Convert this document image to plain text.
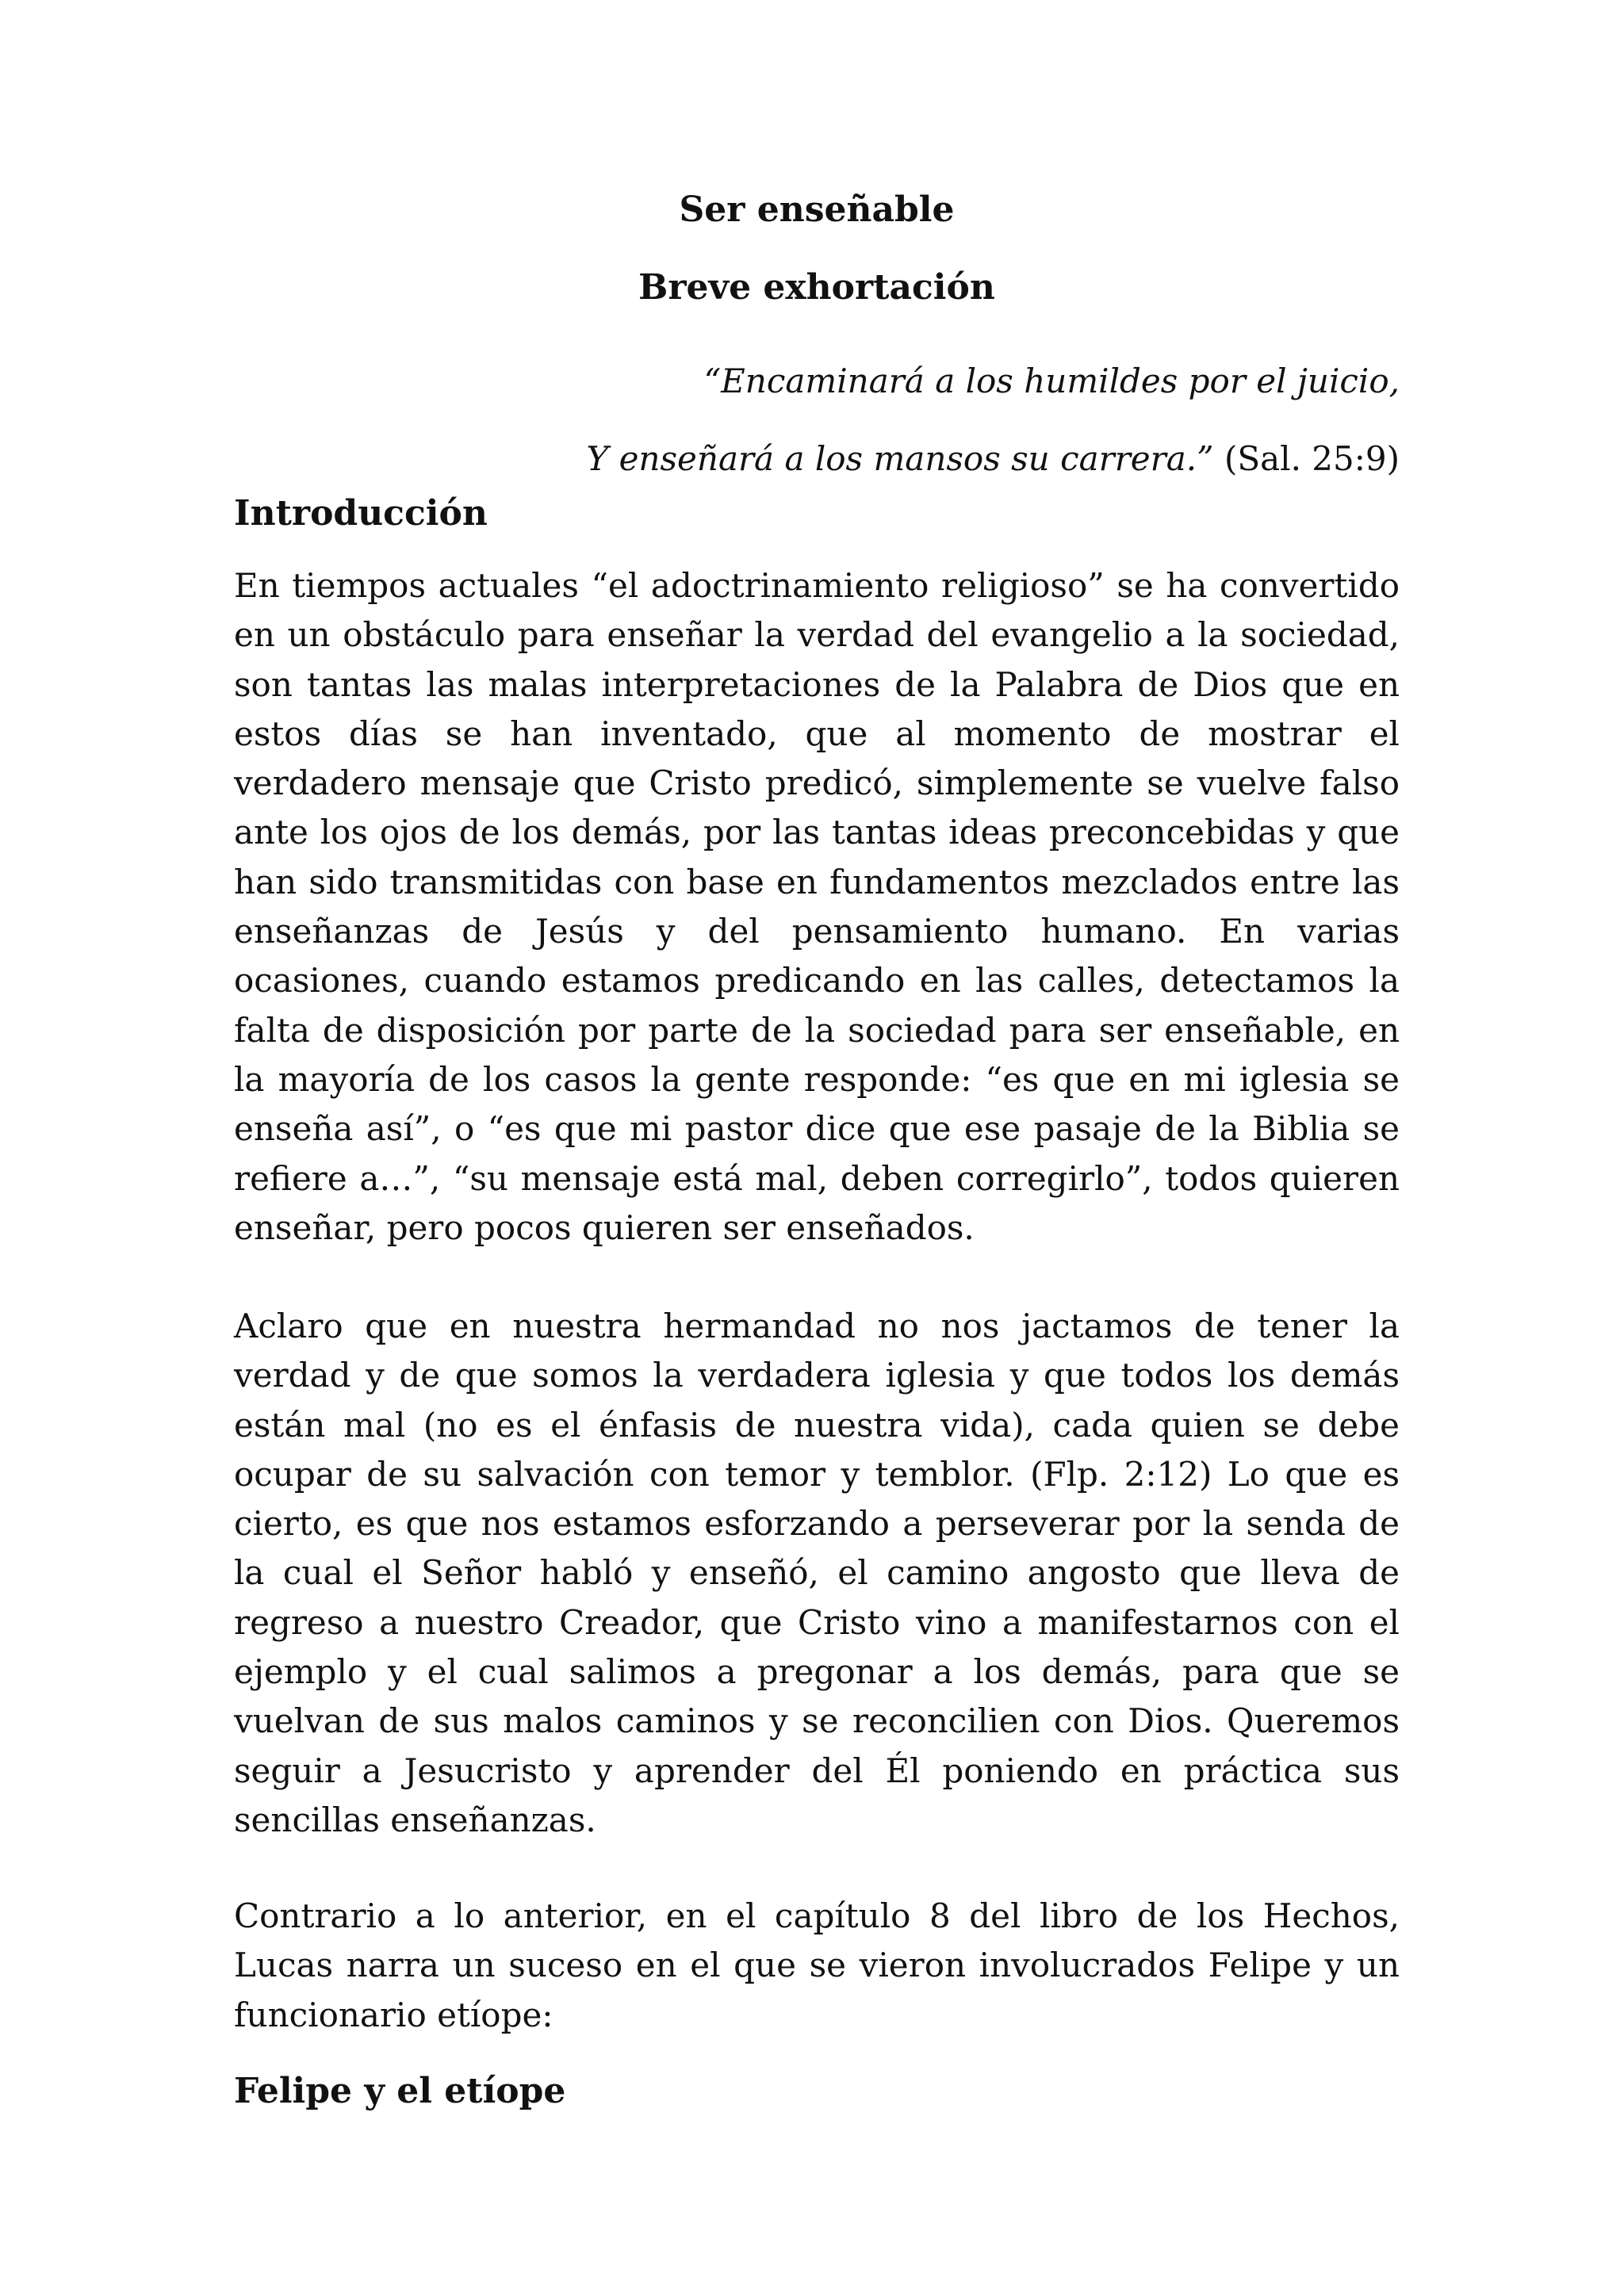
Ser enseñable
Breve exhortación
“Encaminará a los humildes por el juicio,
Y enseñará a los mansos su carrera.” (Sal. 25:9)
Introducción

En tiempos actuales “el adoctrinamiento religioso” se ha convertido en un obstáculo para enseñar la verdad del evangelio a la sociedad, son tantas las malas interpretaciones de la Palabra de Dios que en estos días se han inventado, que al momento de mostrar el verdadero mensaje que Cristo predicó, simplemente se vuelve falso ante los ojos de los demás, por las tantas ideas preconcebidas y que han sido transmitidas con base en fundamentos mezclados entre las enseñanzas de Jesús y del pensamiento humano. En varias ocasiones, cuando estamos predicando en las calles, detectamos la falta de disposición por parte de la sociedad para ser enseñable, en la mayoría de los casos la gente responde: “es que en mi iglesia se enseña así”, o “es que mi pastor dice que ese pasaje de la Biblia se refiere a…”, “su mensaje está mal, deben corregirlo”, todos quieren enseñar, pero pocos quieren ser enseñados.

Aclaro que en nuestra hermandad no nos jactamos de tener la verdad y de que somos la verdadera iglesia y que todos los demás están mal (no es el énfasis de nuestra vida), cada quien se debe ocupar de su salvación con temor y temblor. (Flp. 2:12) Lo que es cierto, es que nos estamos esforzando a perseverar por la senda de la cual el Señor habló y enseñó, el camino angosto que lleva de regreso a nuestro Creador, que Cristo vino a manifestarnos con el ejemplo y el cual salimos a pregonar a los demás, para que se vuelvan de sus malos caminos y se reconcilien con Dios. Queremos seguir a Jesucristo y aprender del Él poniendo en práctica sus sencillas enseñanzas.

Contrario a lo anterior, en el capítulo 8 del libro de los Hechos, Lucas narra un suceso en el que se vieron involucrados Felipe y un funcionario etíope:

Felipe y el etíope
